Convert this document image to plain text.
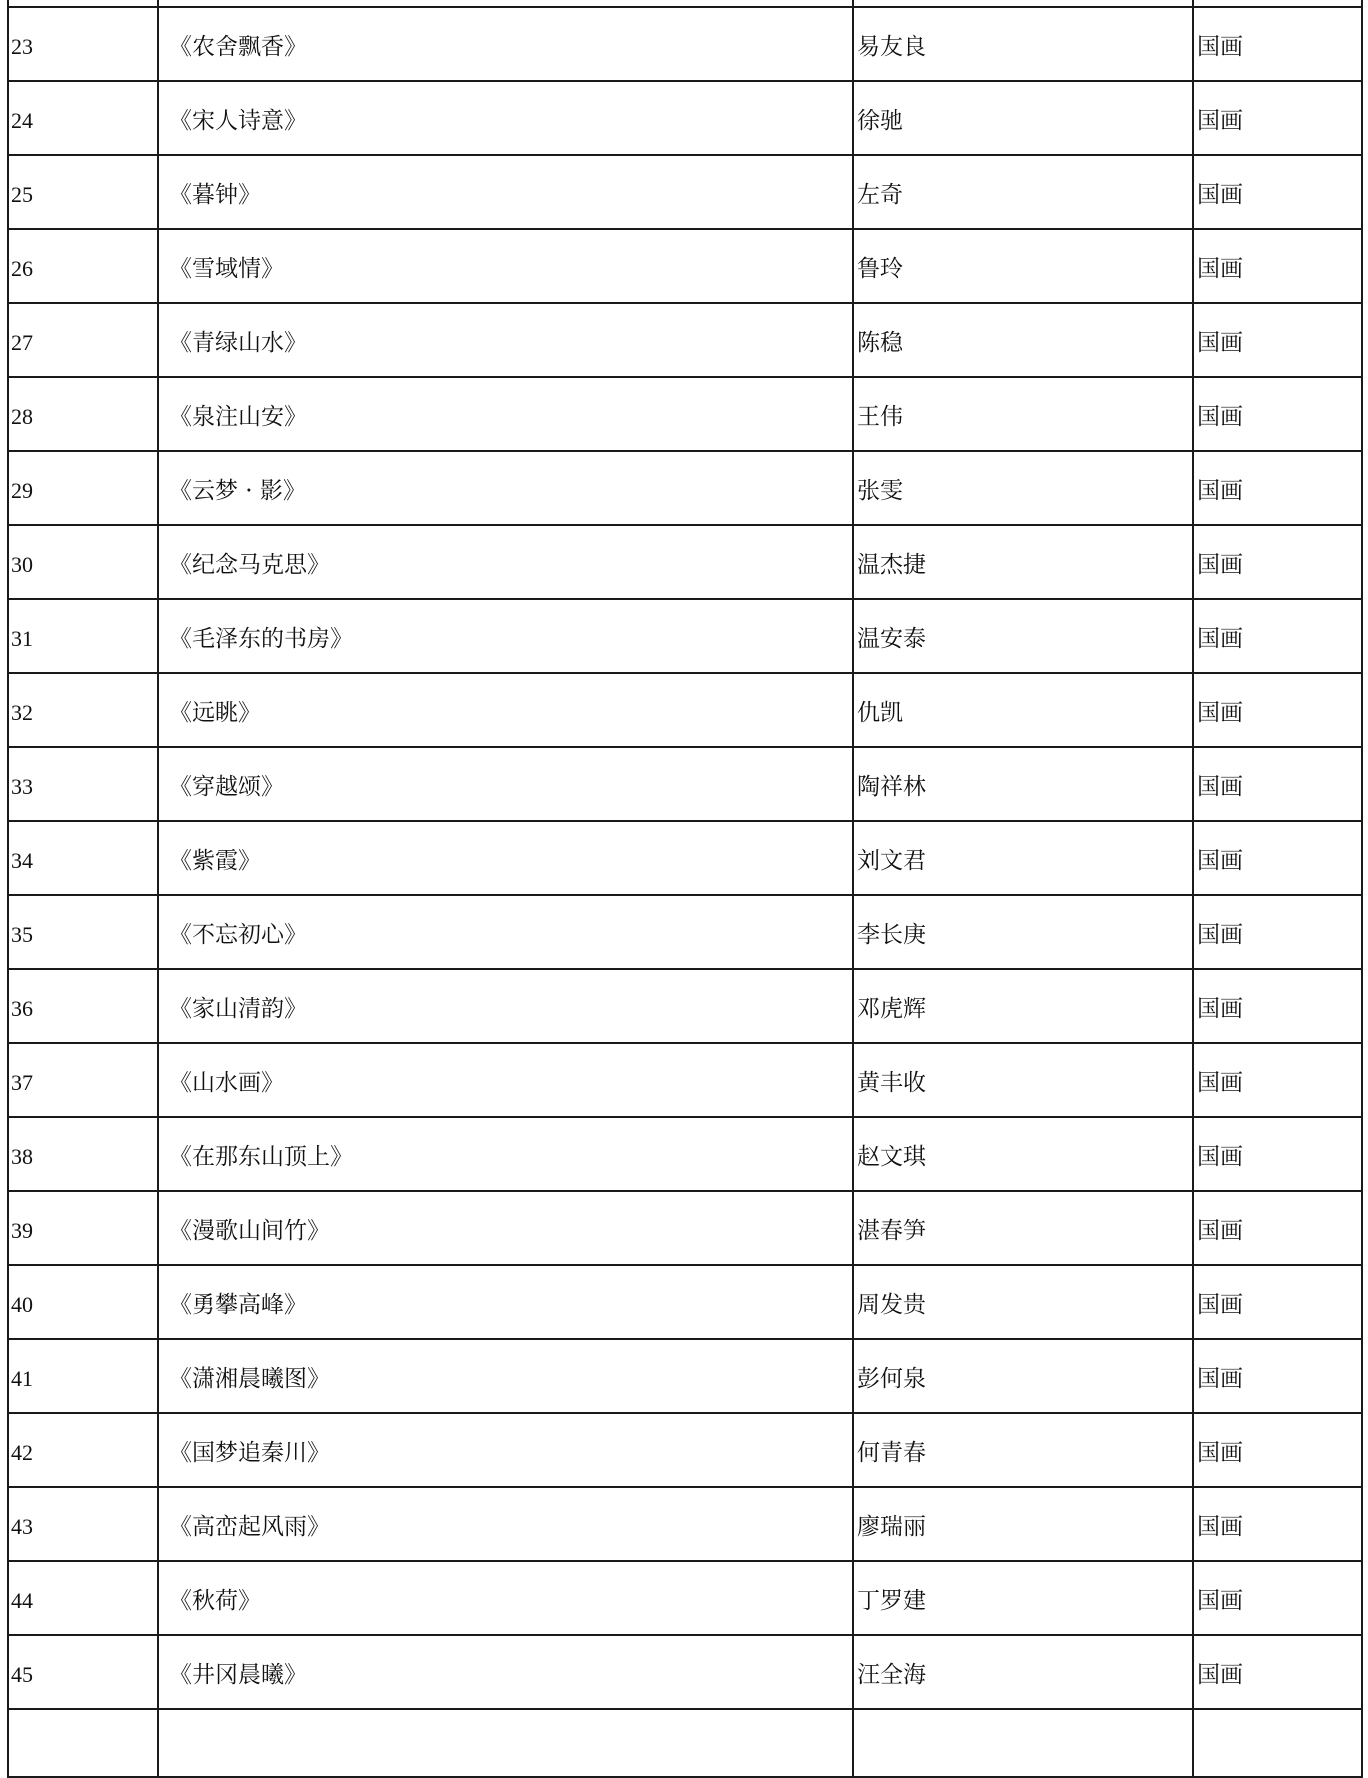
23	《农舍飘香》	易友良	国画
24	《宋人诗意》	徐驰	国画
25	《暮钟》	左奇	国画
26	《雪域情》	鲁玲	国画
27	《青绿山水》	陈稳	国画
28	《泉注山安》	王伟	国画
29	《云梦 · 影》	张雯	国画
30	《纪念马克思》	温杰捷	国画
31	《毛泽东的书房》	温安泰	国画
32	《远眺》	仇凯	国画
33	《穿越颂》	陶祥林	国画
34	《紫霞》	刘文君	国画
35	《不忘初心》	李长庚	国画
36	《家山清韵》	邓虎辉	国画
37	《山水画》	黄丰收	国画
38	《在那东山顶上》	赵文琪	国画
39	《漫歌山间竹》	湛春笋	国画
40	《勇攀高峰》	周发贵	国画
41	《潇湘晨曦图》	彭何泉	国画
42	《国梦追秦川》	何青春	国画
43	《高峦起风雨》	廖瑞丽	国画
44	《秋荷》	丁罗建	国画
45	《井冈晨曦》	汪全海	国画
